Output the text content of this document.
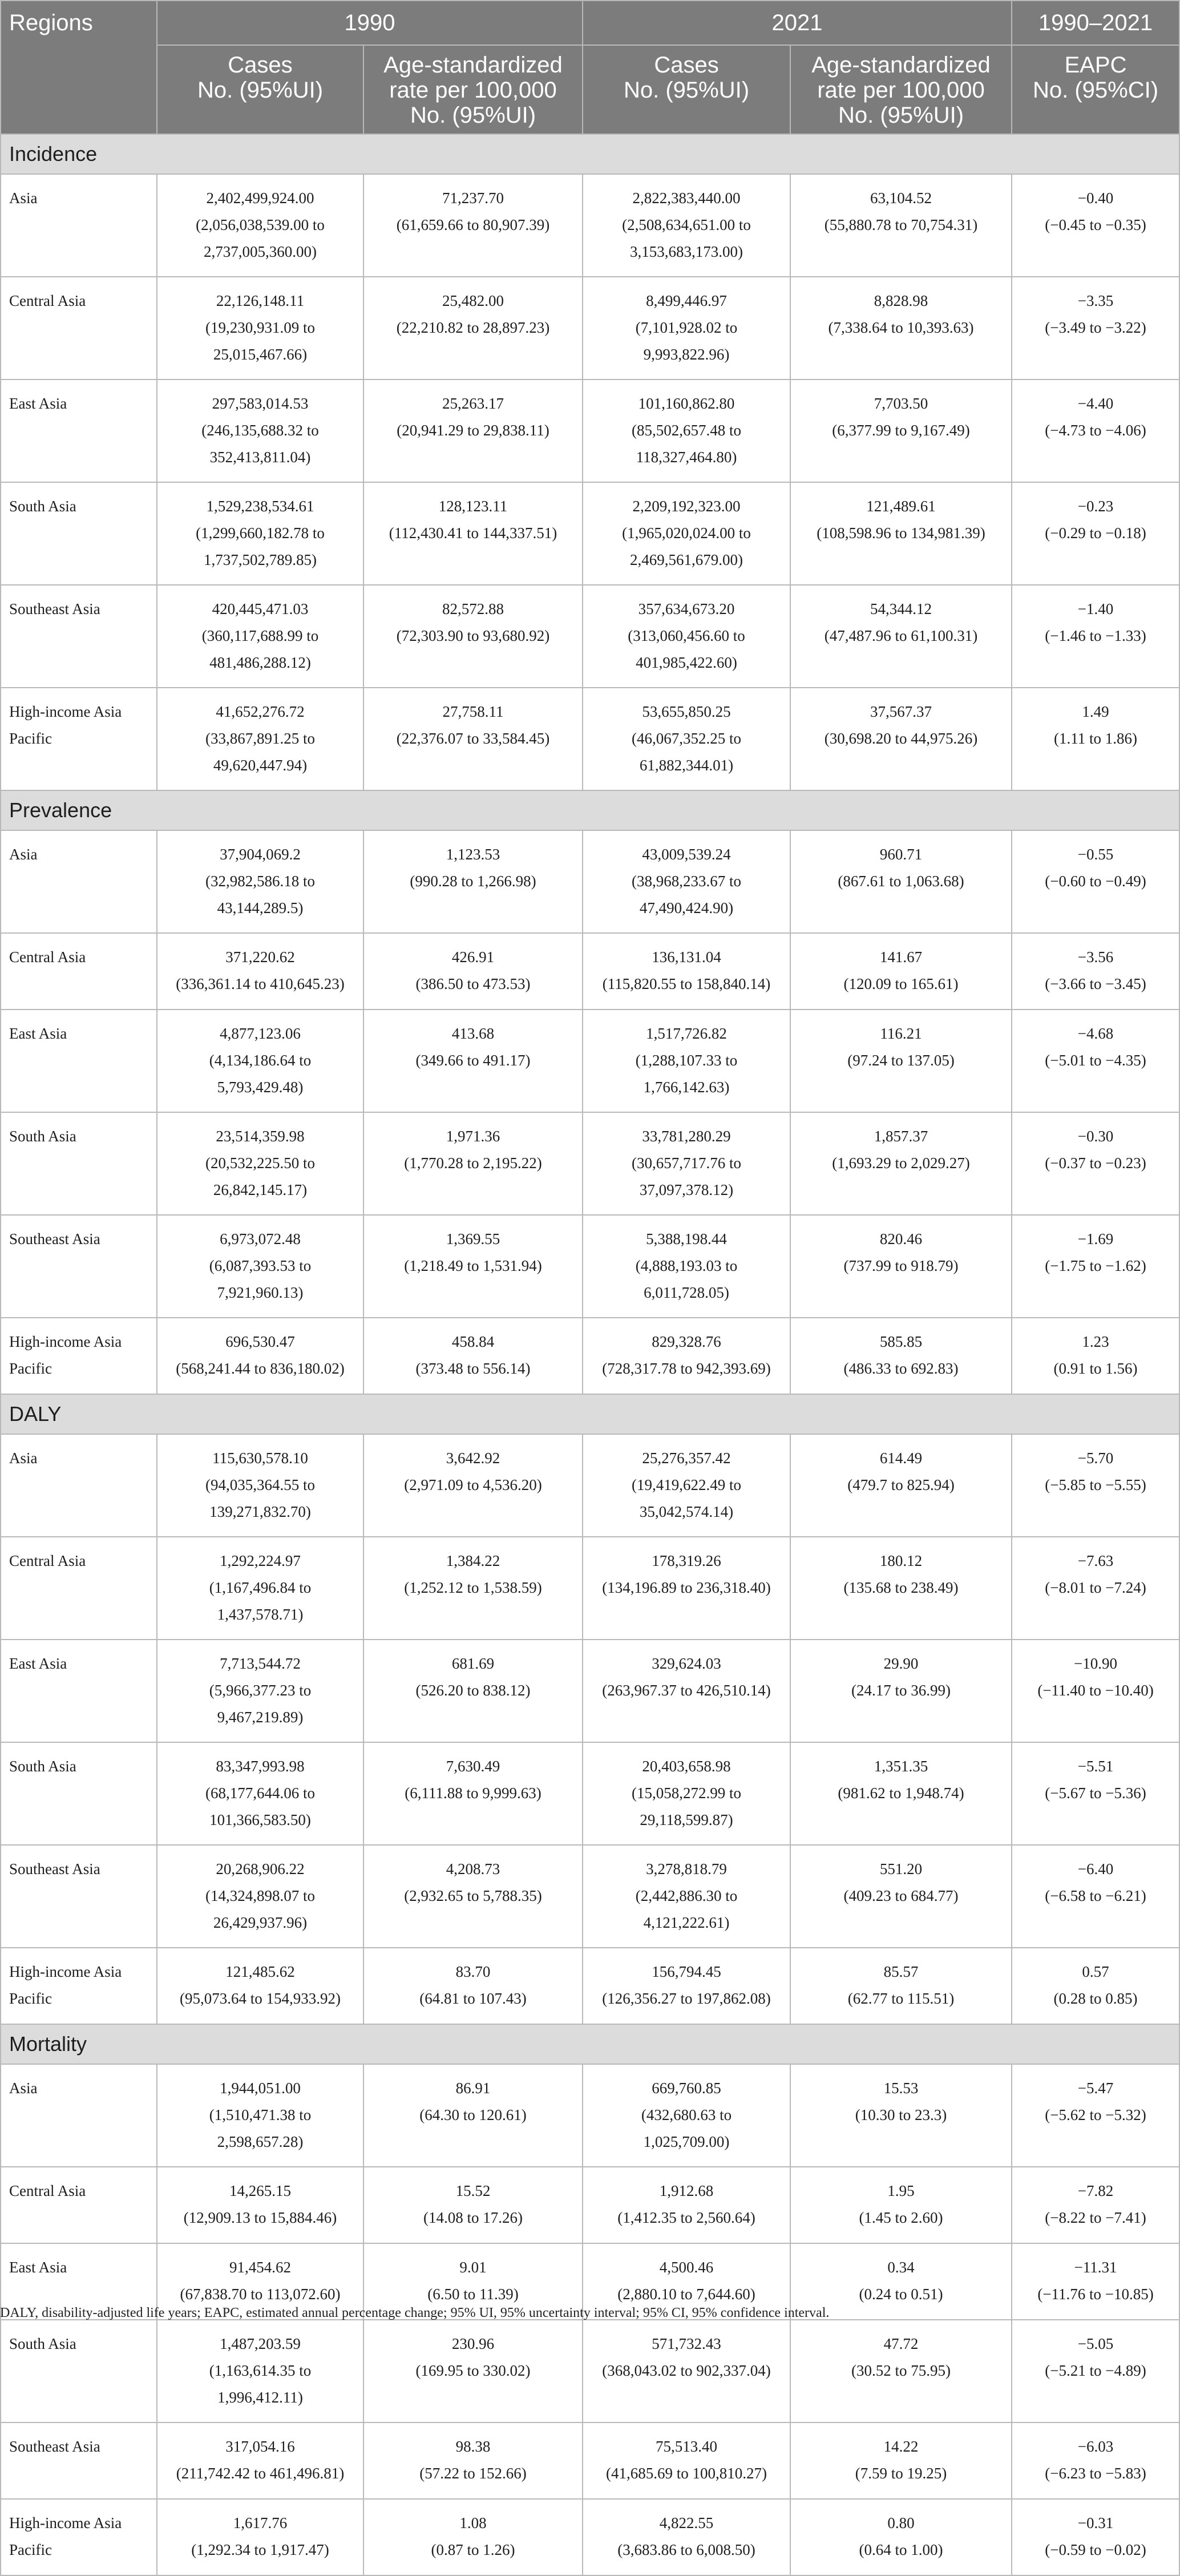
Regions	1990		2021		1990–2021

	Cases
No. (95%UI)	Age-standardized
rate per 100,000
No. (95%UI)	Cases
No. (95%UI)	Age-standardized
rate per 100,000
No. (95%UI)	EAPC
No. (95%CI)

Incidence					

Asia	2,402,499,924.00
(2,056,038,539.00 to
2,737,005,360.00)	71,237.70
(61,659.66 to 80,907.39)	2,822,383,440.00
(2,508,634,651.00 to
3,153,683,173.00)	63,104.52
(55,880.78 to 70,754.31)	−0.40
(−0.45 to −0.35)

Central Asia	22,126,148.11
(19,230,931.09 to
25,015,467.66)	25,482.00
(22,210.82 to 28,897.23)	8,499,446.97
(7,101,928.02 to
9,993,822.96)	8,828.98
(7,338.64 to 10,393.63)	−3.35
(−3.49 to −3.22)

East Asia	297,583,014.53
(246,135,688.32 to
352,413,811.04)	25,263.17
(20,941.29 to 29,838.11)	101,160,862.80
(85,502,657.48 to
118,327,464.80)	7,703.50
(6,377.99 to 9,167.49)	−4.40
(−4.73 to −4.06)

South Asia	1,529,238,534.61
(1,299,660,182.78 to
1,737,502,789.85)	128,123.11
(112,430.41 to 144,337.51)	2,209,192,323.00
(1,965,020,024.00 to
2,469,561,679.00)	121,489.61
(108,598.96 to 134,981.39)	−0.23
(−0.29 to −0.18)

Southeast Asia	420,445,471.03
(360,117,688.99 to
481,486,288.12)	82,572.88
(72,303.90 to 93,680.92)	357,634,673.20
(313,060,456.60 to
401,985,422.60)	54,344.12
(47,487.96 to 61,100.31)	−1.40
(−1.46 to −1.33)

High-income Asia
Pacific	41,652,276.72
(33,867,891.25 to
49,620,447.94)	27,758.11
(22,376.07 to 33,584.45)	53,655,850.25
(46,067,352.25 to
61,882,344.01)	37,567.37
(30,698.20 to 44,975.26)	1.49
(1.11 to 1.86)

Prevalence					

Asia	37,904,069.2
(32,982,586.18 to
43,144,289.5)	1,123.53
(990.28 to 1,266.98)	43,009,539.24
(38,968,233.67 to
47,490,424.90)	960.71
(867.61 to 1,063.68)	−0.55
(−0.60 to −0.49)

Central Asia	371,220.62
(336,361.14 to 410,645.23)	426.91
(386.50 to 473.53)	136,131.04
(115,820.55 to 158,840.14)	141.67
(120.09 to 165.61)	−3.56
(−3.66 to −3.45)

East Asia	4,877,123.06
(4,134,186.64 to
5,793,429.48)	413.68
(349.66 to 491.17)	1,517,726.82
(1,288,107.33 to
1,766,142.63)	116.21
(97.24 to 137.05)	−4.68
(−5.01 to −4.35)

South Asia	23,514,359.98
(20,532,225.50 to
26,842,145.17)	1,971.36
(1,770.28 to 2,195.22)	33,781,280.29
(30,657,717.76 to
37,097,378.12)	1,857.37
(1,693.29 to 2,029.27)	−0.30
(−0.37 to −0.23)

Southeast Asia	6,973,072.48
(6,087,393.53 to
7,921,960.13)	1,369.55
(1,218.49 to 1,531.94)	5,388,198.44
(4,888,193.03 to
6,011,728.05)	820.46
(737.99 to 918.79)	−1.69
(−1.75 to −1.62)

High-income Asia
Pacific	696,530.47
(568,241.44 to 836,180.02)	458.84
(373.48 to 556.14)	829,328.76
(728,317.78 to 942,393.69)	585.85
(486.33 to 692.83)	1.23
(0.91 to 1.56)

DALY					

Asia	115,630,578.10
(94,035,364.55 to
139,271,832.70)	3,642.92
(2,971.09 to 4,536.20)	25,276,357.42
(19,419,622.49 to
35,042,574.14)	614.49
(479.7 to 825.94)	−5.70
(−5.85 to −5.55)

Central Asia	1,292,224.97
(1,167,496.84 to
1,437,578.71)	1,384.22
(1,252.12 to 1,538.59)	178,319.26
(134,196.89 to 236,318.40)	180.12
(135.68 to 238.49)	−7.63
(−8.01 to −7.24)

East Asia	7,713,544.72
(5,966,377.23 to
9,467,219.89)	681.69
(526.20 to 838.12)	329,624.03
(263,967.37 to 426,510.14)	29.90
(24.17 to 36.99)	−10.90
(−11.40 to −10.40)

South Asia	83,347,993.98
(68,177,644.06 to
101,366,583.50)	7,630.49
(6,111.88 to 9,999.63)	20,403,658.98
(15,058,272.99 to
29,118,599.87)	1,351.35
(981.62 to 1,948.74)	−5.51
(−5.67 to −5.36)

Southeast Asia	20,268,906.22
(14,324,898.07 to
26,429,937.96)	4,208.73
(2,932.65 to 5,788.35)	3,278,818.79
(2,442,886.30 to
4,121,222.61)	551.20
(409.23 to 684.77)	−6.40
(−6.58 to −6.21)

High-income Asia
Pacific	121,485.62
(95,073.64 to 154,933.92)	83.70
(64.81 to 107.43)	156,794.45
(126,356.27 to 197,862.08)	85.57
(62.77 to 115.51)	0.57
(0.28 to 0.85)

Mortality					

Asia	1,944,051.00
(1,510,471.38 to
2,598,657.28)	86.91
(64.30 to 120.61)	669,760.85
(432,680.63 to
1,025,709.00)	15.53
(10.30 to 23.3)	−5.47
(−5.62 to −5.32)

Central Asia	14,265.15
(12,909.13 to 15,884.46)	15.52
(14.08 to 17.26)	1,912.68
(1,412.35 to 2,560.64)	1.95
(1.45 to 2.60)	−7.82
(−8.22 to −7.41)

East Asia	91,454.62
(67,838.70 to 113,072.60)	9.01
(6.50 to 11.39)	4,500.46
(2,880.10 to 7,644.60)	0.34
(0.24 to 0.51)	−11.31
(−11.76 to −10.85)

South Asia	1,487,203.59
(1,163,614.35 to
1,996,412.11)	230.96
(169.95 to 330.02)	571,732.43
(368,043.02 to 902,337.04)	47.72
(30.52 to 75.95)	−5.05
(−5.21 to −4.89)

Southeast Asia	317,054.16
(211,742.42 to 461,496.81)	98.38
(57.22 to 152.66)	75,513.40
(41,685.69 to 100,810.27)	14.22
(7.59 to 19.25)	−6.03
(−6.23 to −5.83)

High-income Asia
Pacific	1,617.76
(1,292.34 to 1,917.47)	1.08
(0.87 to 1.26)	4,822.55
(3,683.86 to 6,008.50)	0.80
(0.64 to 1.00)	−0.31
(−0.59 to −0.02)
DALY, disability-adjusted life years; EAPC, estimated annual percentage change; 95% UI, 95% uncertainty interval; 95% CI, 95% confidence interval.
